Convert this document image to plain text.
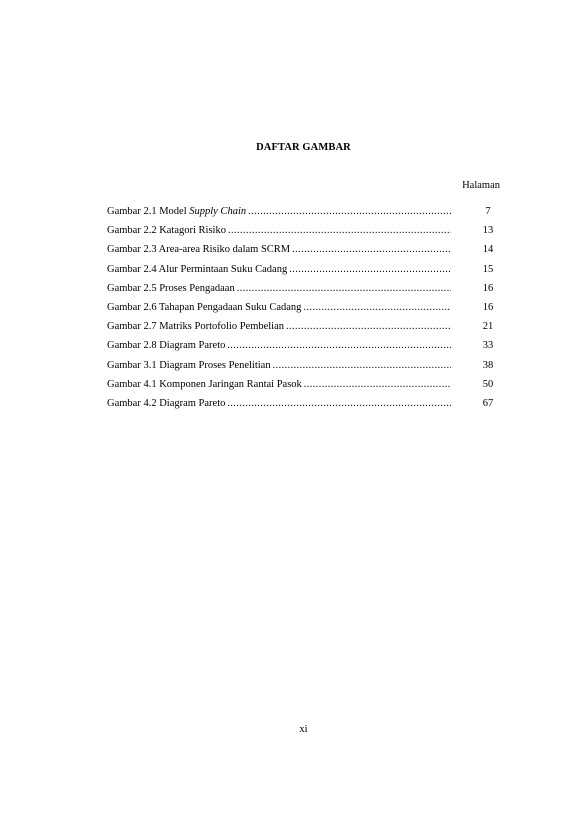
DAFTAR GAMBAR
Halaman
Gambar 2.1 Model Supply Chain .....	7
Gambar 2.2 Katagori Risiko .....	13
Gambar 2.3 Area-area Risiko dalam SCRM .....	14
Gambar 2.4 Alur Permintaan Suku Cadang .....	15
Gambar 2.5 Proses Pengadaan .....	16
Gambar 2.6 Tahapan Pengadaan Suku Cadang .....	16
Gambar 2.7 Matriks Portofolio Pembelian .....	21
Gambar 2.8 Diagram Pareto .....	33
Gambar 3.1 Diagram Proses Penelitian .....	38
Gambar 4.1 Komponen Jaringan Rantai Pasok .....	50
Gambar 4.2 Diagram Pareto .....	67
xi
